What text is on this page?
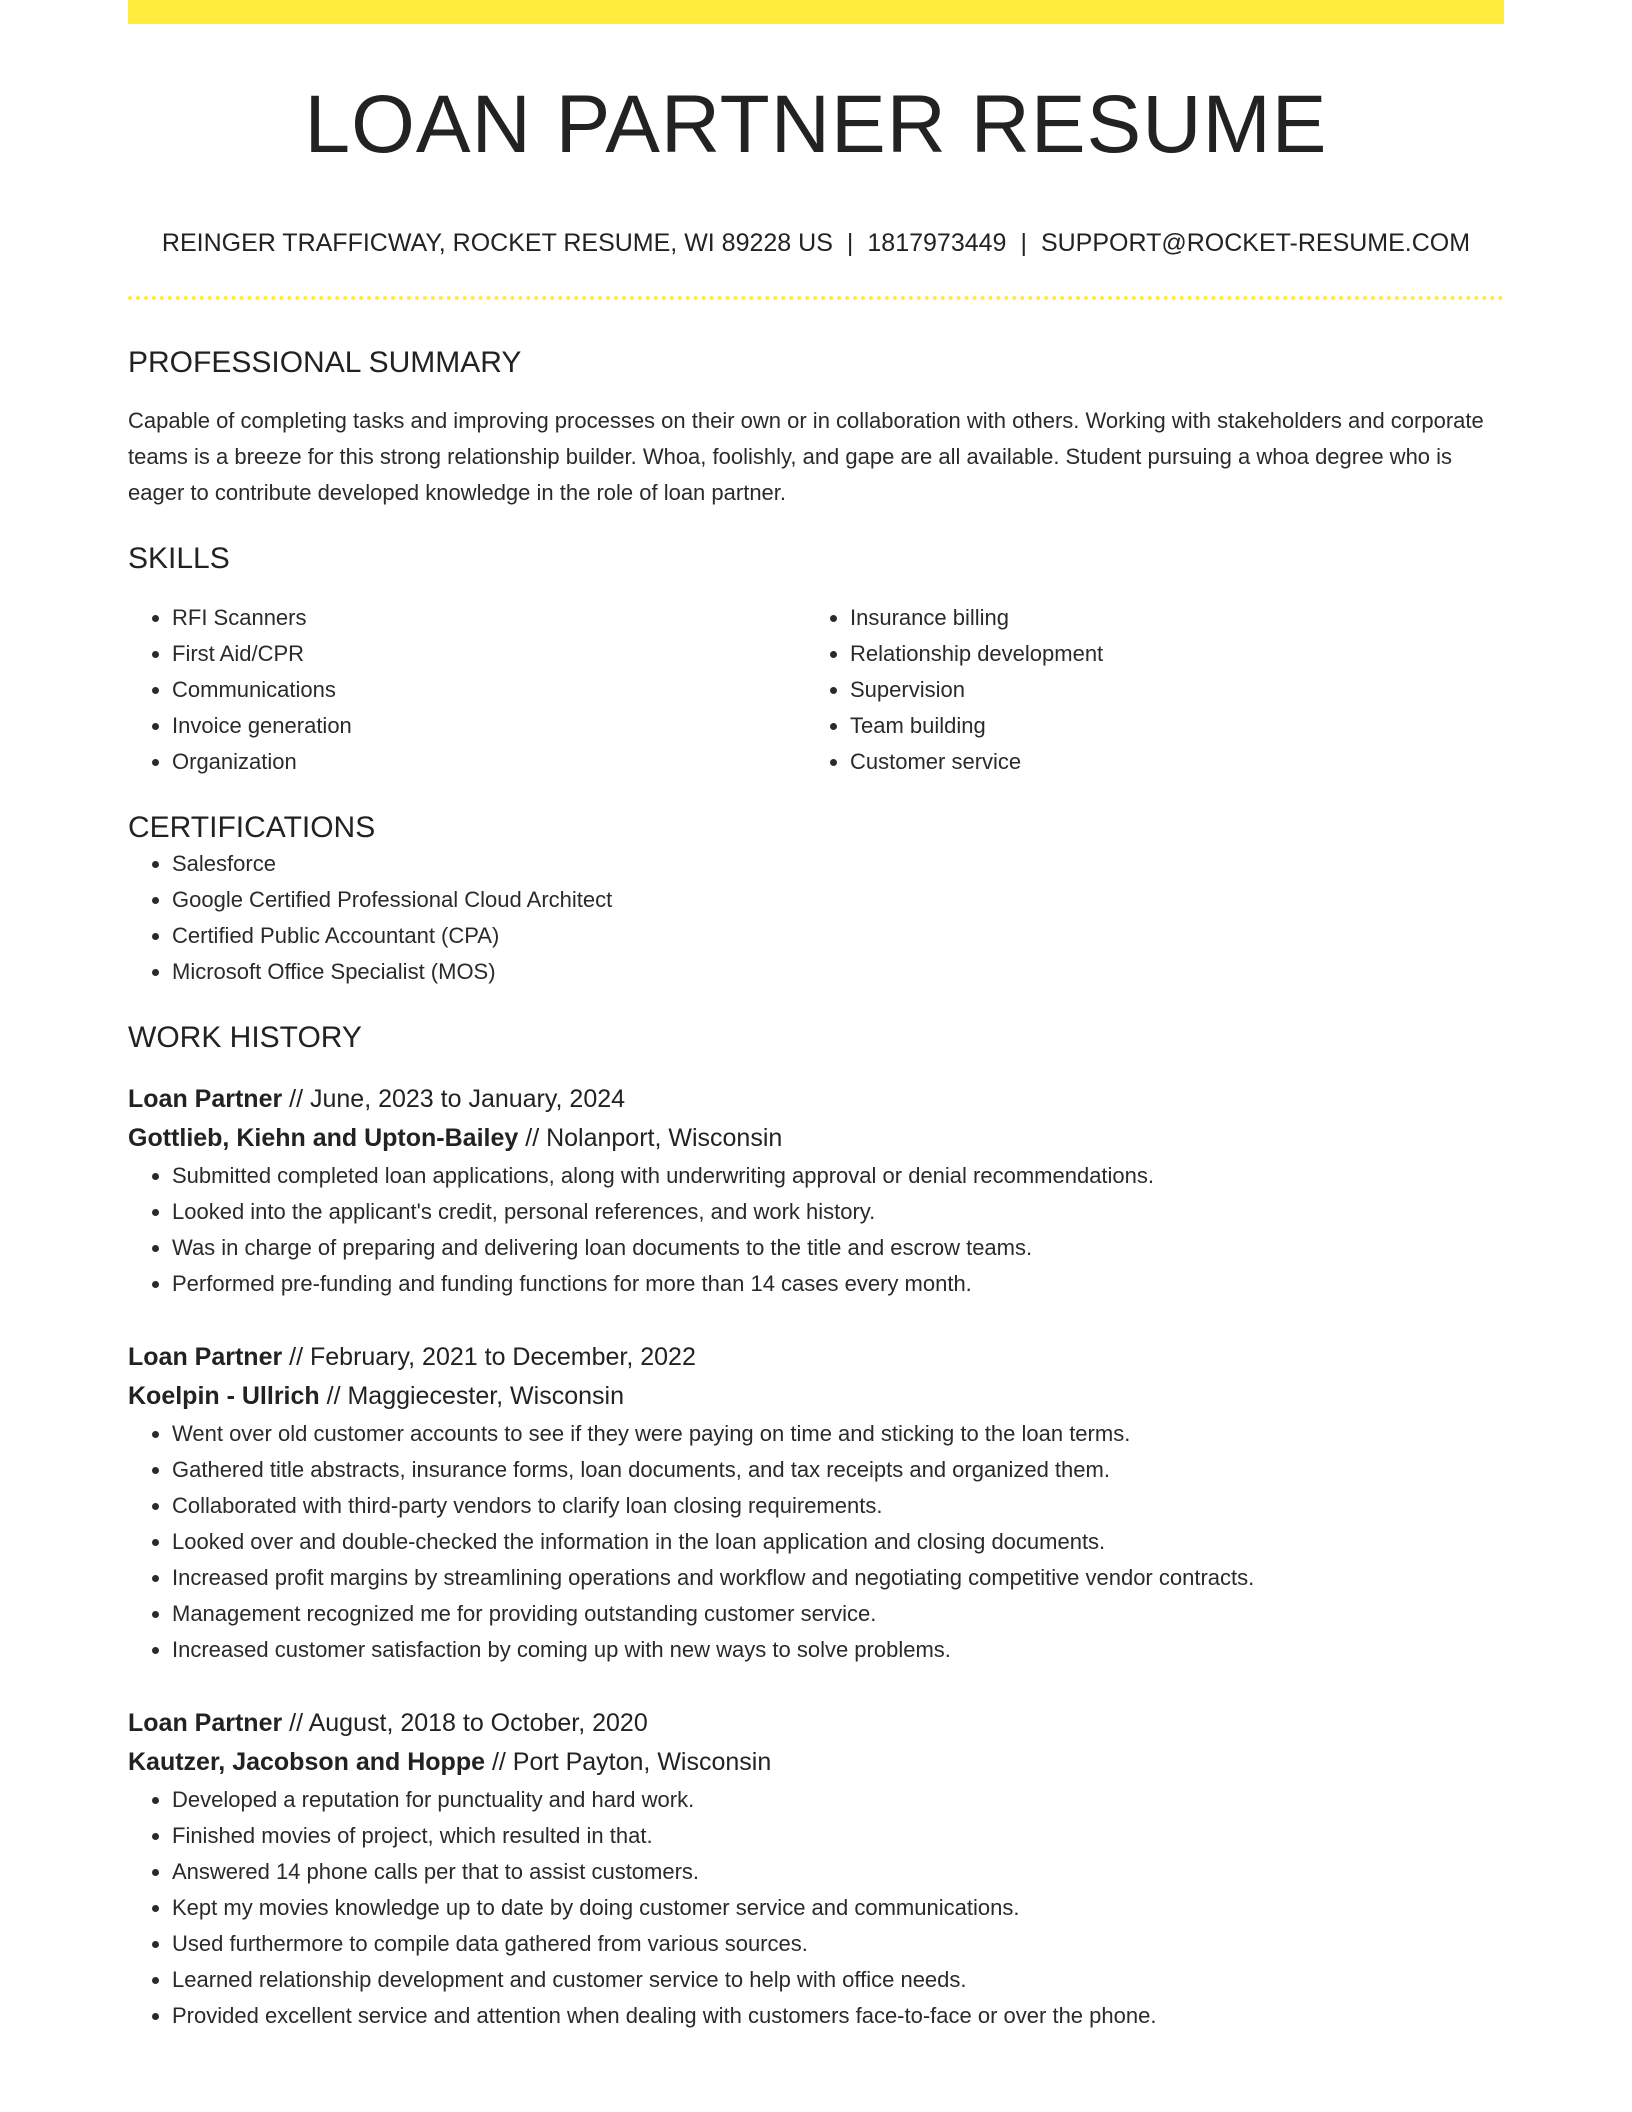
LOAN PARTNER RESUME
REINGER TRAFFICWAY, ROCKET RESUME, WI 89228 US | 1817973449 | SUPPORT@ROCKET-RESUME.COM
PROFESSIONAL SUMMARY
Capable of completing tasks and improving processes on their own or in collaboration with others. Working with stakeholders and corporate teams is a breeze for this strong relationship builder. Whoa, foolishly, and gape are all available. Student pursuing a whoa degree who is eager to contribute developed knowledge in the role of loan partner.
SKILLS
• RFI Scanners
• First Aid/CPR
• Communications
• Invoice generation
• Organization
• Insurance billing
• Relationship development
• Supervision
• Team building
• Customer service
CERTIFICATIONS
• Salesforce
• Google Certified Professional Cloud Architect
• Certified Public Accountant (CPA)
• Microsoft Office Specialist (MOS)
WORK HISTORY
Loan Partner // June, 2023 to January, 2024
Gottlieb, Kiehn and Upton-Bailey // Nolanport, Wisconsin
• Submitted completed loan applications, along with underwriting approval or denial recommendations.
• Looked into the applicant's credit, personal references, and work history.
• Was in charge of preparing and delivering loan documents to the title and escrow teams.
• Performed pre-funding and funding functions for more than 14 cases every month.
Loan Partner // February, 2021 to December, 2022
Koelpin - Ullrich // Maggiecester, Wisconsin
• Went over old customer accounts to see if they were paying on time and sticking to the loan terms.
• Gathered title abstracts, insurance forms, loan documents, and tax receipts and organized them.
• Collaborated with third-party vendors to clarify loan closing requirements.
• Looked over and double-checked the information in the loan application and closing documents.
• Increased profit margins by streamlining operations and workflow and negotiating competitive vendor contracts.
• Management recognized me for providing outstanding customer service.
• Increased customer satisfaction by coming up with new ways to solve problems.
Loan Partner // August, 2018 to October, 2020
Kautzer, Jacobson and Hoppe // Port Payton, Wisconsin
• Developed a reputation for punctuality and hard work.
• Finished movies of project, which resulted in that.
• Answered 14 phone calls per that to assist customers.
• Kept my movies knowledge up to date by doing customer service and communications.
• Used furthermore to compile data gathered from various sources.
• Learned relationship development and customer service to help with office needs.
• Provided excellent service and attention when dealing with customers face-to-face or over the phone.
